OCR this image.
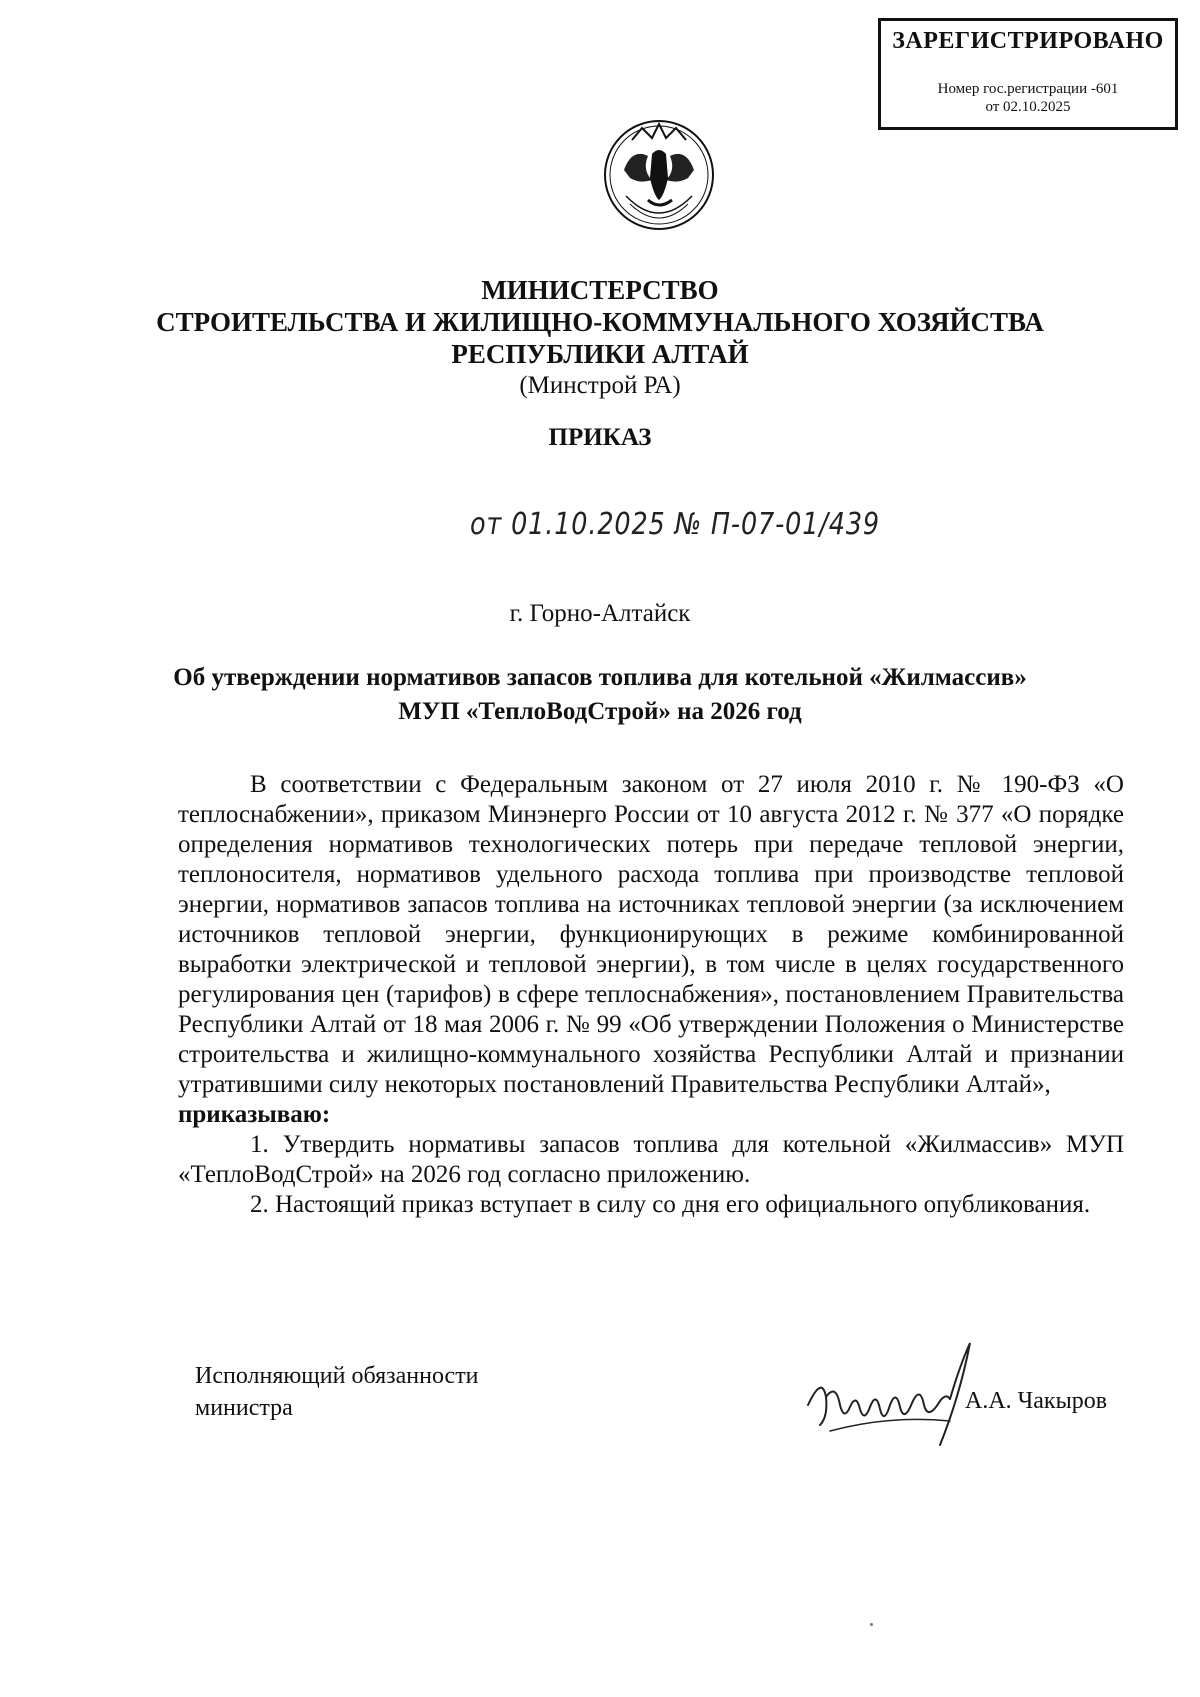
ЗАРЕГИСТРИРОВАНО
Номер гос.регистрации -601
от 02.10.2025
МИНИСТЕРСТВО
СТРОИТЕЛЬСТВА И ЖИЛИЩНО-КОММУНАЛЬНОГО ХОЗЯЙСТВА
РЕСПУБЛИКИ АЛТАЙ
(Минстрой РА)
ПРИКАЗ
от 01.10.2025 № П-07-01/439
г. Горно-Алтайск
Об утверждении нормативов запасов топлива для котельной «Жилмассив»
МУП «ТеплоВодСтрой» на 2026 год

В соответствии с Федеральным законом от 27 июля 2010 г. № 190-ФЗ «О теплоснабжении», приказом Минэнерго России от 10 августа 2012 г. № 377 «О порядке определения нормативов технологических потерь при передаче тепловой энергии, теплоносителя, нормативов удельного расхода топлива при производстве тепловой энергии, нормативов запасов топлива на источниках тепловой энергии (за исключением источников тепловой энергии, функционирующих в режиме комбинированной выработки электрической и тепловой энергии), в том числе в целях государственного регулирования цен (тарифов) в сфере теплоснабжения», постановлением Правительства Республики Алтай от 18 мая 2006 г. № 99 «Об утверждении Положения о Министерстве строительства и жилищно-коммунального хозяйства Республики Алтай и признании утратившими силу некоторых постановлений Правительства Республики Алтай»,

приказываю:

1. Утвердить нормативы запасов топлива для котельной «Жилмассив» МУП «ТеплоВодСтрой» на 2026 год согласно приложению.

2. Настоящий приказ вступает в силу со дня его официального опубликования.

Исполняющий обязанности
министра	А.А. Чакыров
